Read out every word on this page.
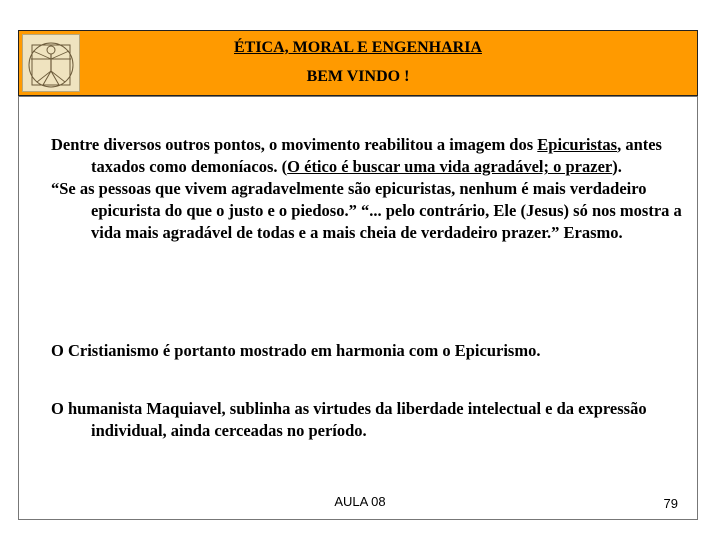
ÉTICA, MORAL E ENGENHARIA
BEM VINDO !
Dentre diversos outros pontos, o movimento reabilitou a imagem dos Epicuristas, antes taxados como demoníacos. (O ético é buscar uma vida agradável; o prazer).
“Se as pessoas que vivem agradavelmente são epicuristas, nenhum é mais verdadeiro epicurista do que o justo e o piedoso.” “... pelo contrário, Ele (Jesus) só nos mostra a vida mais agradável de todas e a mais cheia de verdadeiro prazer.” Erasmo.
O Cristianismo é portanto mostrado em harmonia com o Epicurismo.
O humanista Maquiavel, sublinha as virtudes da liberdade intelectual e da expressão individual, ainda cerceadas no período.
AULA 08	79
